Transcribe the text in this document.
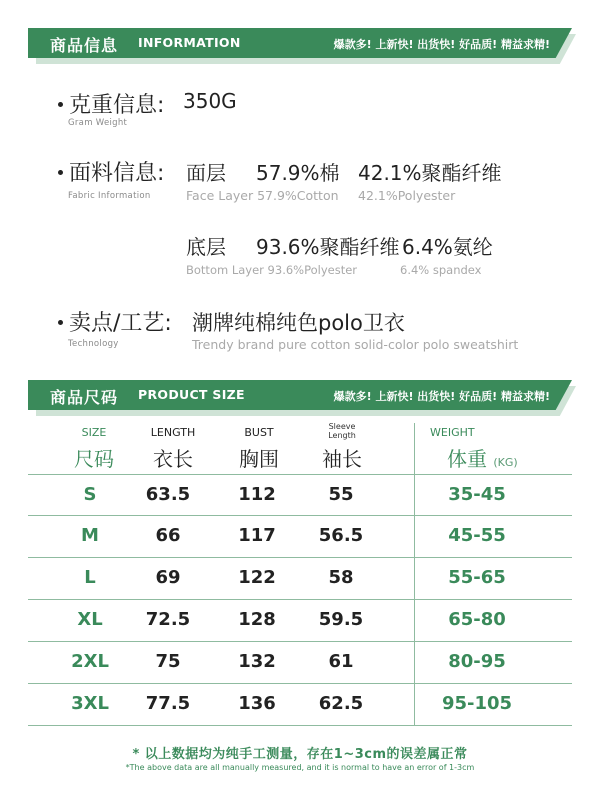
商品信息 INFORMATION	爆款多! 上新快! 出货快! 好品质! 精益求精!
克重信息:
Gram Weight
350G
面料信息:
Fabric Information
面层 57.9%棉 42.1%聚酯纤维
Face Layer 57.9%Cotton 42.1%Polyester
底层 93.6%聚酯纤维 6.4%氨纶
Bottom Layer 93.6%Polyester	6.4% spandex
卖点/工艺:
Technology
潮牌纯棉纯色polo卫衣
Trendy brand pure cotton solid-color polo sweatshirt
商品尺码 PRODUCT SIZE	爆款多! 上新快! 出货快! 好品质! 精益求精!
SIZE
尺码
LENGTH
衣长
BUST
胸围
Sleeve
Length
袖长
WEIGHT
体重 (KG)
S	63.5	112	55	35-45
M	66	117	56.5	45-55
L	69	122	58	55-65
XL	72.5	128	59.5	65-80
2XL	75	132	61	80-95
3XL	77.5	136	62.5	95-105
* 以上数据均为纯手工测量，存在1~3cm的误差属正常
*The above data are all manually measured, and it is normal to have an error of 1-3cm
